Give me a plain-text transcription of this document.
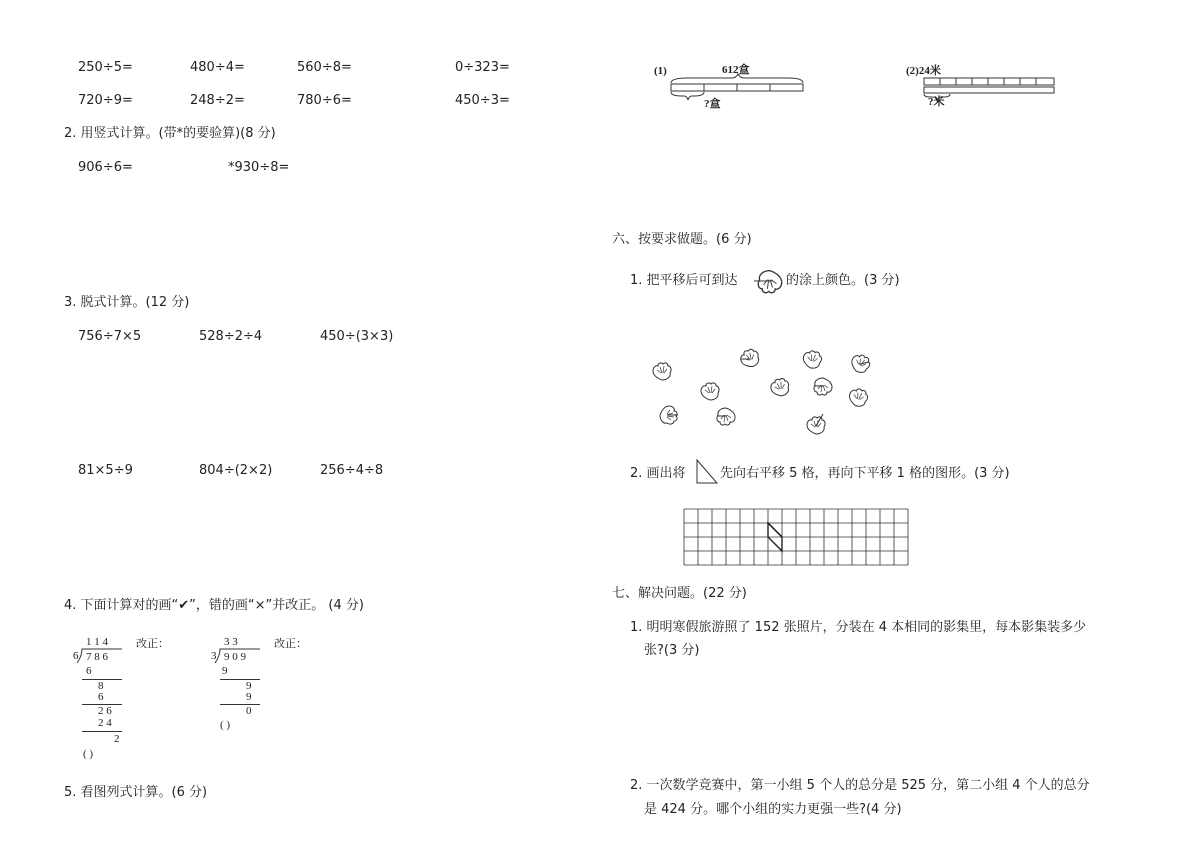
250÷5=	480÷4=	560÷8=	0÷323=
720÷9=	248÷2=	780÷6=	450÷3=
2. 用竖式计算。(带*的要验算)(8 分)
906÷6=	*930÷8=
3. 脱式计算。(12 分)
756÷7×5	528÷2÷4	450÷(3×3)
81×5÷9	804÷(2×2)	256÷4÷8
4. 下面计算对的画“✔”，错的画“×”并改正。 (4 分)
1 1 4
6 7 8 6
6
8
6
2 6
2 4
2
( )
改正：	3 3
3 9 0 9
9
9
9
0
( )
改正：
5. 看图列式计算。(6 分)
(1)	612盒
?盒
(2)24米
?米
六、按要求做题。(6 分)
1. 把平移后可到达	的涂上颜色。(3 分)
2. 画出将	先向右平移 5 格，再向下平移 1 格的图形。(3 分)
七、解决问题。(22 分)
1. 明明寒假旅游照了 152 张照片，分装在 4 本相同的影集里，每本影集装多少
张?(3 分)
2. 一次数学竞赛中，第一小组 5 个人的总分是 525 分，第二小组 4 个人的总分
是 424 分。哪个小组的实力更强一些?(4 分)
